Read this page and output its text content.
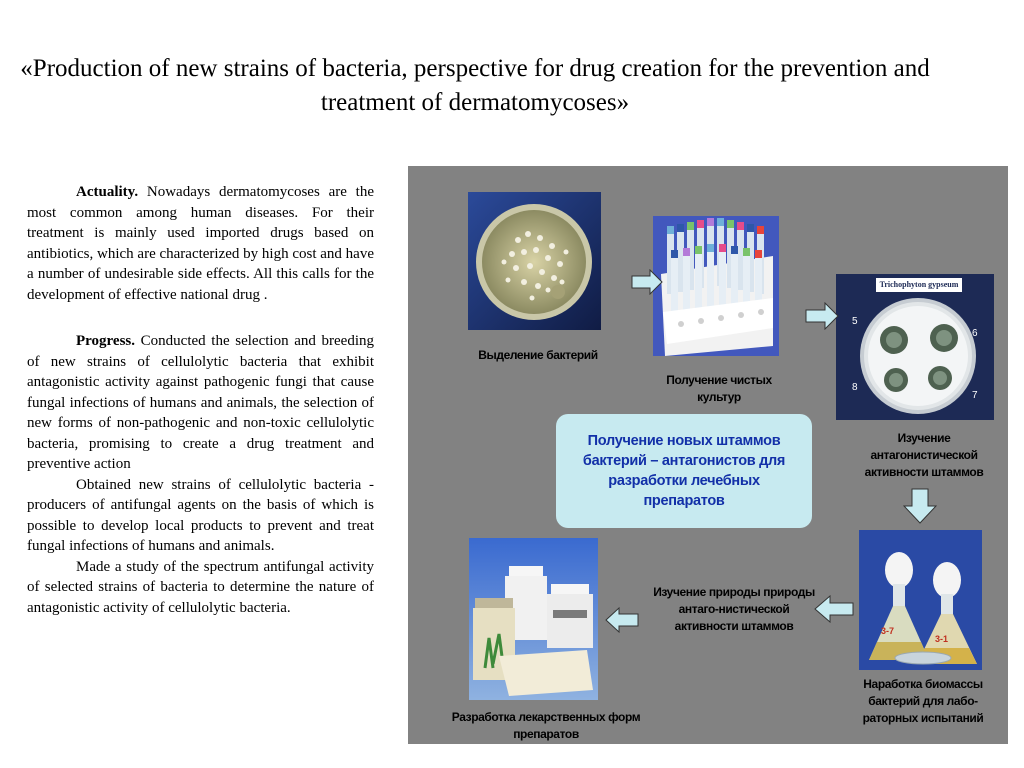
«Production of new strains of bacteria, perspective for drug creation for the prevention and treatment of dermatomycoses»

Actuality. Nowadays dermatomycoses are the most common among human diseases. For their treatment is mainly used imported drugs based on antibiotics, which are characterized by high cost and have a number of undesirable side effects. All this calls for the development of effective national drug .

Progress. Conducted the selection and breeding of new strains of cellulolytic bacteria that exhibit antagonistic activity against pathogenic fungi that cause fungal infections of humans and animals, the selection of new forms of non-pathogenic and non-toxic cellulolytic bacteria, promising to create a drug treatment and preventive action

Obtained new strains of cellulolytic bacteria - producers of antifungal agents on the basis of which is possible to develop local products to prevent and treat fungal infections of humans and animals.

Made a study of the spectrum antifungal activity of selected strains of bacteria to determine the nature of antagonistic activity of cellulolytic bacteria.

Trichophyton gypseum
5
6
8
7
3-7
3-1
Выделение бактерий
Получение чистых культур
Изучение антагонистической активности штаммов
Наработка биомассы бактерий для лабо-раторных испытаний
Изучение природы природы антаго-нистической активности штаммов
Разработка лекарственных форм препаратов
Получение новых штаммов бактерий – антагонистов для разработки лечебных препаратов
